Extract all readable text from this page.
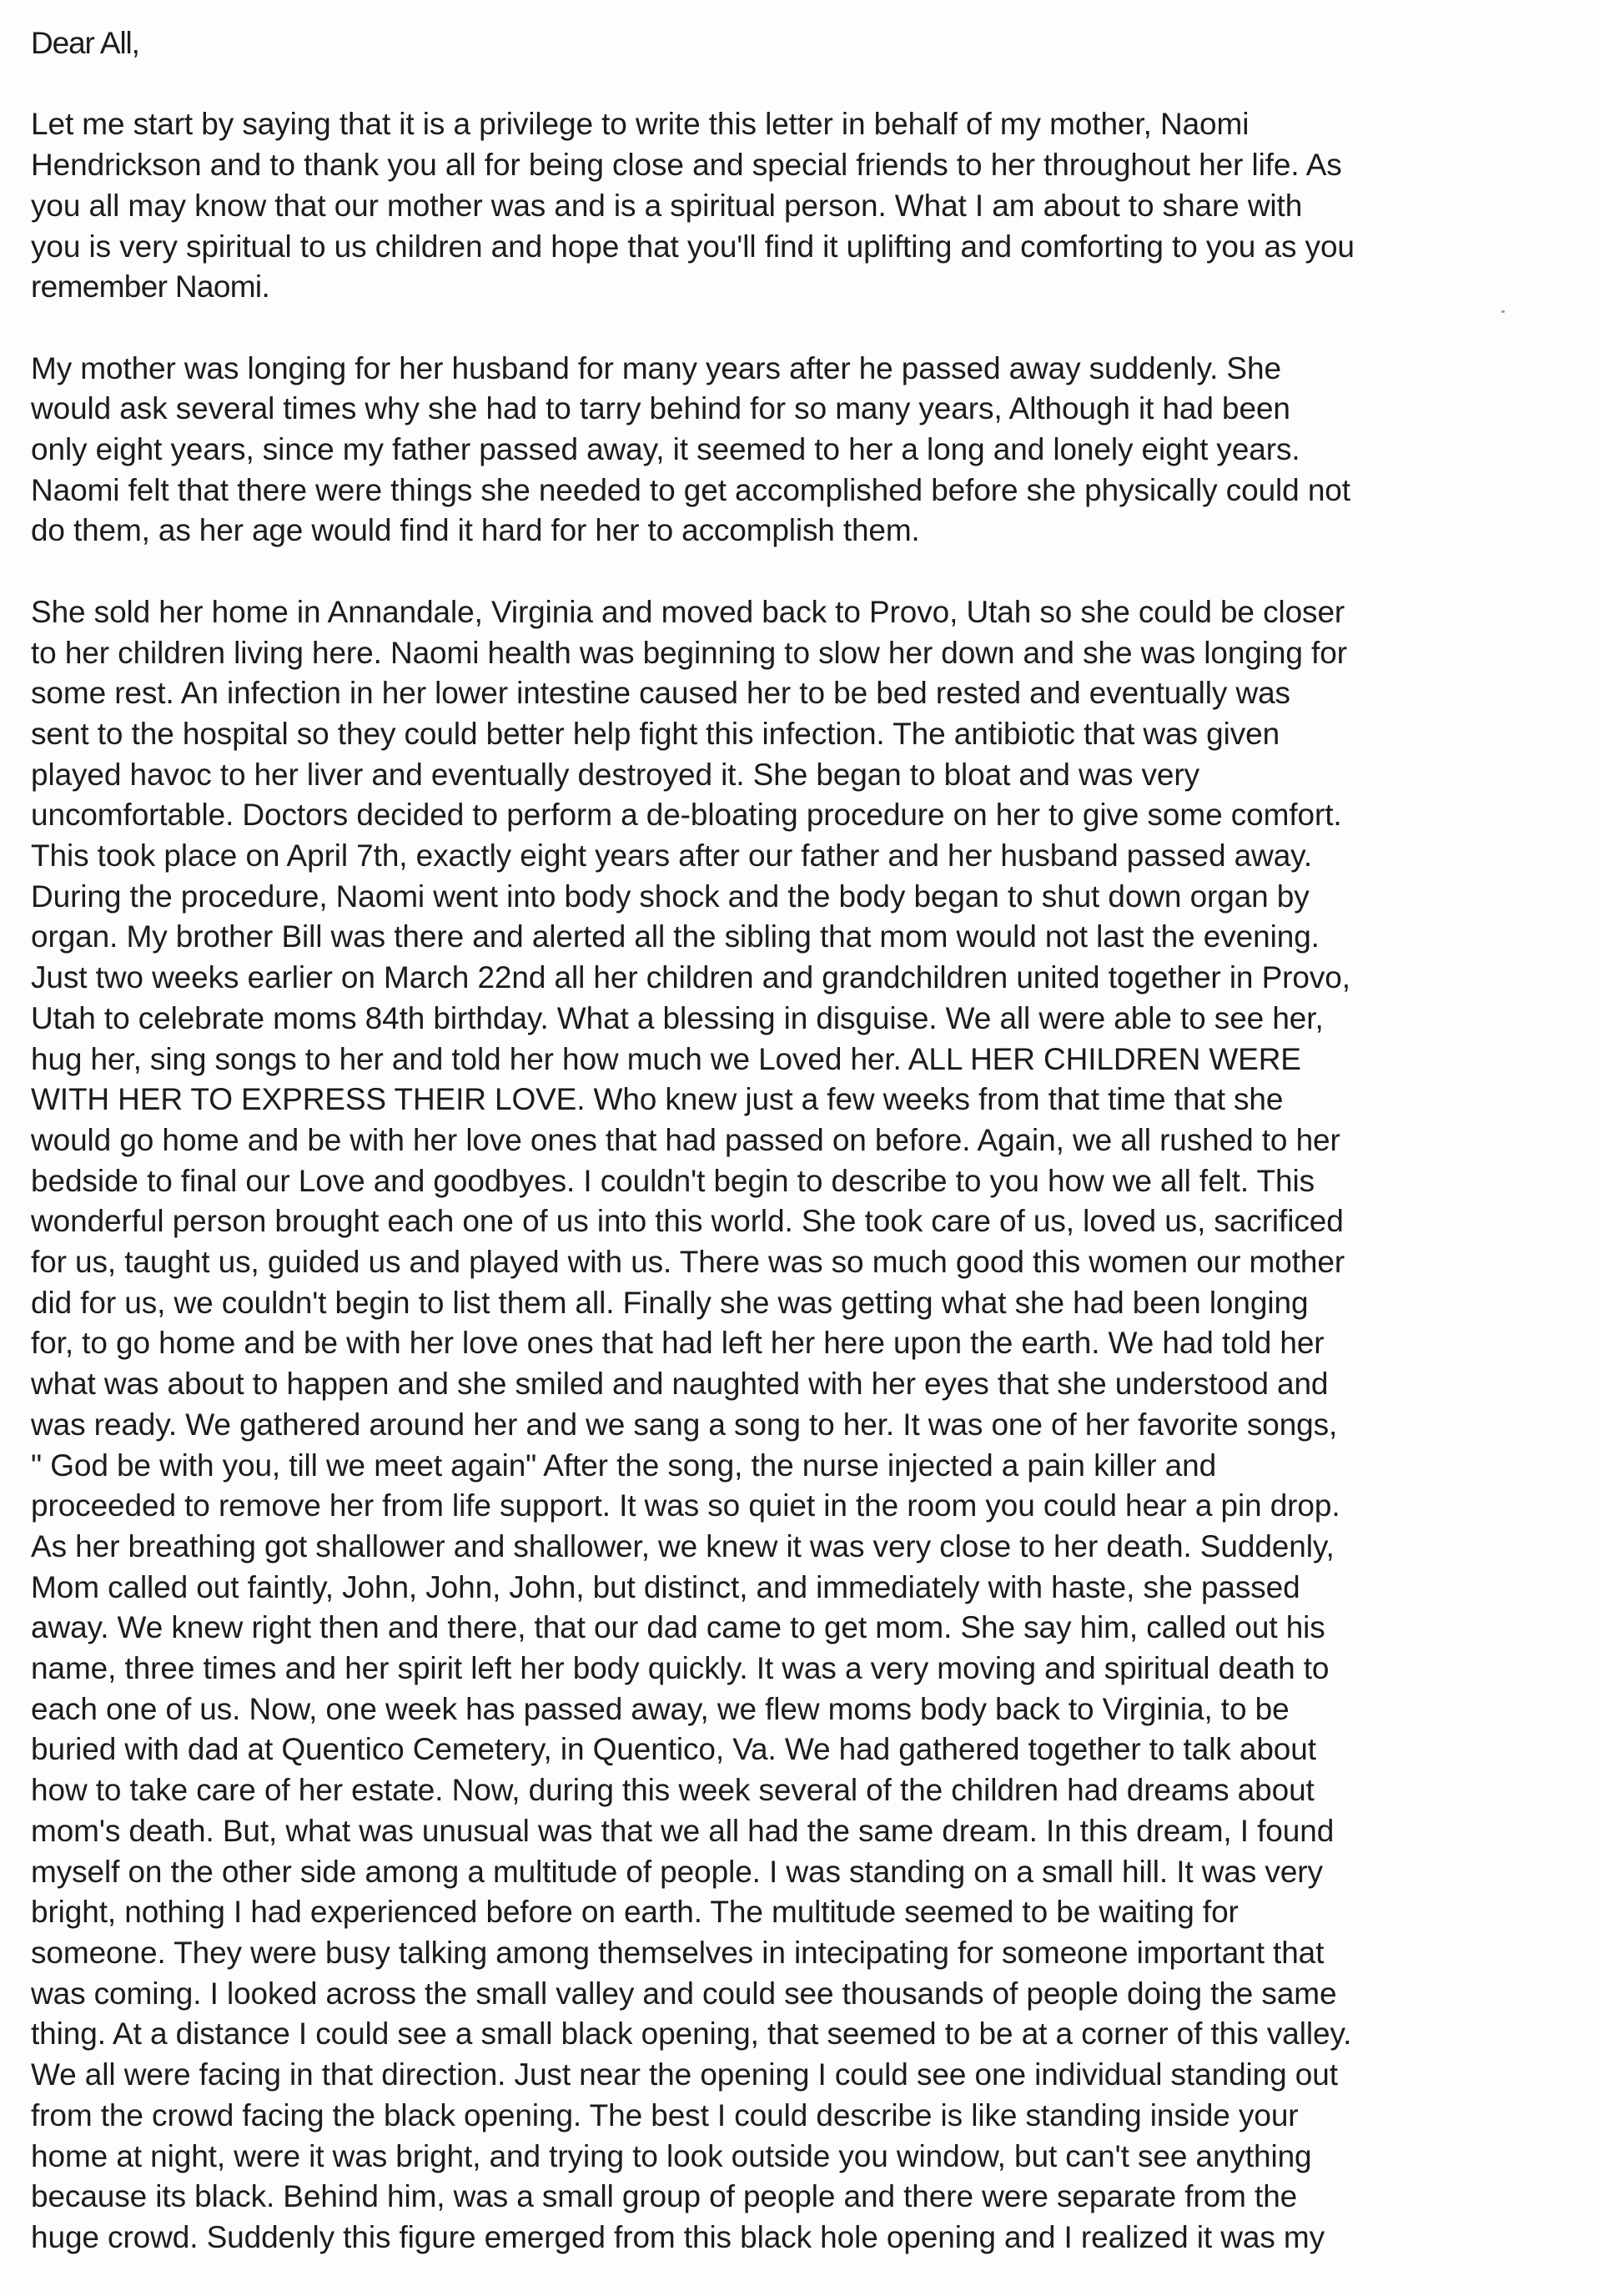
Dear All,
Let me start by saying that it is a privilege to write this letter in behalf of my mother, Naomi
Hendrickson and to thank you all for being close and special friends to her throughout her life. As
you all may know that our mother was and is a spiritual person. What I am about to share with
you is very spiritual to us children and hope that you'll find it uplifting and comforting to you as you
remember Naomi.
My mother was longing for her husband for many years after he passed away suddenly. She
would ask several times why she had to tarry behind for so many years, Although it had been
only eight years, since my father passed away, it seemed to her a long and lonely eight years.
Naomi felt that there were things she needed to get accomplished before she physically could not
do them, as her age would find it hard for her to accomplish them.
She sold her home in Annandale, Virginia and moved back to Provo, Utah so she could be closer
to her children living here. Naomi health was beginning to slow her down and she was longing for
some rest. An infection in her lower intestine caused her to be bed rested and eventually was
sent to the hospital so they could better help fight this infection. The antibiotic that was given
played havoc to her liver and eventually destroyed it. She began to bloat and was very
uncomfortable. Doctors decided to perform a de-bloating procedure on her to give some comfort.
This took place on April 7th, exactly eight years after our father and her husband passed away.
During the procedure, Naomi went into body shock and the body began to shut down organ by
organ. My brother Bill was there and alerted all the sibling that mom would not last the evening.
Just two weeks earlier on March 22nd all her children and grandchildren united together in Provo,
Utah to celebrate moms 84th birthday. What a blessing in disguise. We all were able to see her,
hug her, sing songs to her and told her how much we Loved her. ALL HER CHILDREN WERE
WITH HER TO EXPRESS THEIR LOVE. Who knew just a few weeks from that time that she
would go home and be with her love ones that had passed on before. Again, we all rushed to her
bedside to final our Love and goodbyes. I couldn't begin to describe to you how we all felt. This
wonderful person brought each one of us into this world. She took care of us, loved us, sacrificed
for us, taught us, guided us and played with us. There was so much good this women our mother
did for us, we couldn't begin to list them all. Finally she was getting what she had been longing
for, to go home and be with her love ones that had left her here upon the earth. We had told her
what was about to happen and she smiled and naughted with her eyes that she understood and
was ready. We gathered around her and we sang a song to her. It was one of her favorite songs,
" God be with you, till we meet again" After the song, the nurse injected a pain killer and
proceeded to remove her from life support. It was so quiet in the room you could hear a pin drop.
As her breathing got shallower and shallower, we knew it was very close to her death. Suddenly,
Mom called out faintly, John, John, John, but distinct, and immediately with haste, she passed
away. We knew right then and there, that our dad came to get mom. She say him, called out his
name, three times and her spirit left her body quickly. It was a very moving and spiritual death to
each one of us. Now, one week has passed away, we flew moms body back to Virginia, to be
buried with dad at Quentico Cemetery, in Quentico, Va. We had gathered together to talk about
how to take care of her estate. Now, during this week several of the children had dreams about
mom's death. But, what was unusual was that we all had the same dream. In this dream, I found
myself on the other side among a multitude of people. I was standing on a small hill. It was very
bright, nothing I had experienced before on earth. The multitude seemed to be waiting for
someone. They were busy talking among themselves in intecipating for someone important that
was coming. I looked across the small valley and could see thousands of people doing the same
thing. At a distance I could see a small black opening, that seemed to be at a corner of this valley.
We all were facing in that direction. Just near the opening I could see one individual standing out
from the crowd facing the black opening. The best I could describe is like standing inside your
home at night, were it was bright, and trying to look outside you window, but can't see anything
because its black. Behind him, was a small group of people and there were separate from the
huge crowd. Suddenly this figure emerged from this black hole opening and I realized it was my
